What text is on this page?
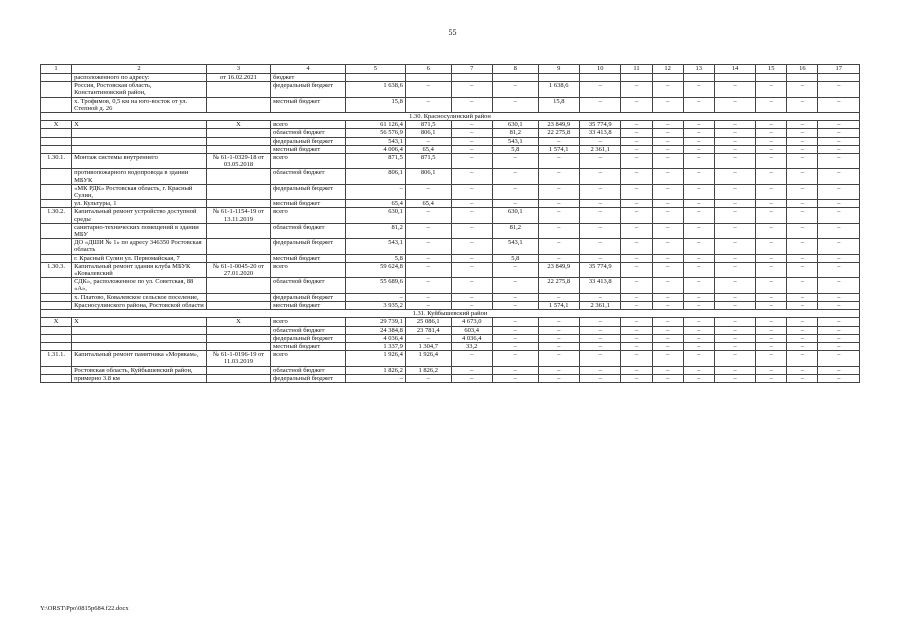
55
1	2	3	4	5	6	7	8	9	10	11	12	13	14	15	16	17
	расположенного по адресу:	от 16.02.2021	бюджет													
	Россия, Ростовская область, Константиновский район,		федеральный бюджет	1 638,6	–	–	–	1 638,6	–	–	–	–	–	–	–	–
	х. Трофимов, 0,5 км на юго-восток от ул. Степной д. 26		местный бюджет	15,8	–	–	–	15,8	–	–	–	–	–	–	–	–
1.30. Красносулинский район																
Х	Х	Х	всего	61 126,4	871,5	–	630,1	23 849,9	35 774,9	–	–	–	–	–	–	–
			областной бюджет	56 576,9	806,1	–	81,2	22 275,8	33 413,8	–	–	–	–	–	–	–
			федеральный бюджет	543,1	–	–	543,1	–	–	–	–	–	–	–	–	–
			местный бюджет	4 006,4	65,4	–	5,8	1 574,1	2 361,1	–	–	–	–	–	–	–
1.30.1.	Монтаж системы внутреннего	№ 61-1-0329-18 от 03.05.2018	всего	871,5	871,5	–	–	–	–	–	–	–	–	–	–	–
	противопожарного водопровода в здании МБУК		областной бюджет	806,1	806,1	–	–	–	–	–	–	–	–	–	–	–
	«МК РДК» Ростовская область, г. Красный Сулин,		федеральный бюджет	–	–	–	–	–	–	–	–	–	–	–	–	–
	ул. Культуры, 1		местный бюджет	65,4	65,4	–	–	–	–	–	–	–	–	–	–	–
1.30.2.	Капитальный ремонт устройство доступной среды	№ 61-1-1154-19 от 13.11.2019	всего	630,1	–	–	630,1	–	–	–	–	–	–	–	–	–
	санитарно-технических помещений в здании МБУ		областной бюджет	81,2	–	–	81,2	–	–	–	–	–	–	–	–	–
	ДО «ДШИ № 1» по адресу 346350 Ростовская область		федеральный бюджет	543,1	–	–	543,1	–	–	–	–	–	–	–	–	–
	г. Красный Сулин ул. Первомайская, 7		местный бюджет	5,8	–	–	5,8	–	–	–	–	–	–	–	–	–
1.30.3.	Капитальный ремонт здания клуба МБУК «Ковалевский	№ 61-1-0045-20 от 27.01.2020	всего	59 624,8	–	–	–	23 849,9	35 774,9	–	–	–	–	–	–	–
	СДК», расположенное по ул. Советская, 88 «А»,		областной бюджет	55 689,6	–	–	–	22 275,8	33 413,8	–	–	–	–	–	–	–
	х. Платово, Ковалевское сельское поселение,		федеральный бюджет	–	–	–	–	–	–	–	–	–	–	–	–	–
	Красносулинского района, Ростовской области		местный бюджет	3 935,2	–	–	–	1 574,1	2 361,1	–	–	–	–	–	–	–
1.31. Куйбышевский район																
Х	Х	Х	всего	29 739,1	25 086,1	4 673,0	–	–	–	–	–	–	–	–	–	–
			областной бюджет	24 384,8	23 781,4	603,4	–	–	–	–	–	–	–	–	–	–
			федеральный бюджет	4 036,4	–	4 036,4	–	–	–	–	–	–	–	–	–	–
			местный бюджет	1 337,9	1 304,7	33,2	–	–	–	–	–	–	–	–	–	–
1.31.1.	Капитальный ремонт памятника «Морякам»,	№ 61-1-0196-19 от 11.03.2019	всего	1 926,4	1 926,4	–	–	–	–	–	–	–	–	–	–	–
	Ростовская область, Куйбышевский район,		областной бюджет	1 826,2	1 826,2	–	–	–	–	–	–	–	–	–	–	–
	примерно 3.8 км		федеральный бюджет	–	–	–	–	–	–	–	–	–	–	–	–	–
Y:\ORST\Ppo\0815p684.f22.docx
